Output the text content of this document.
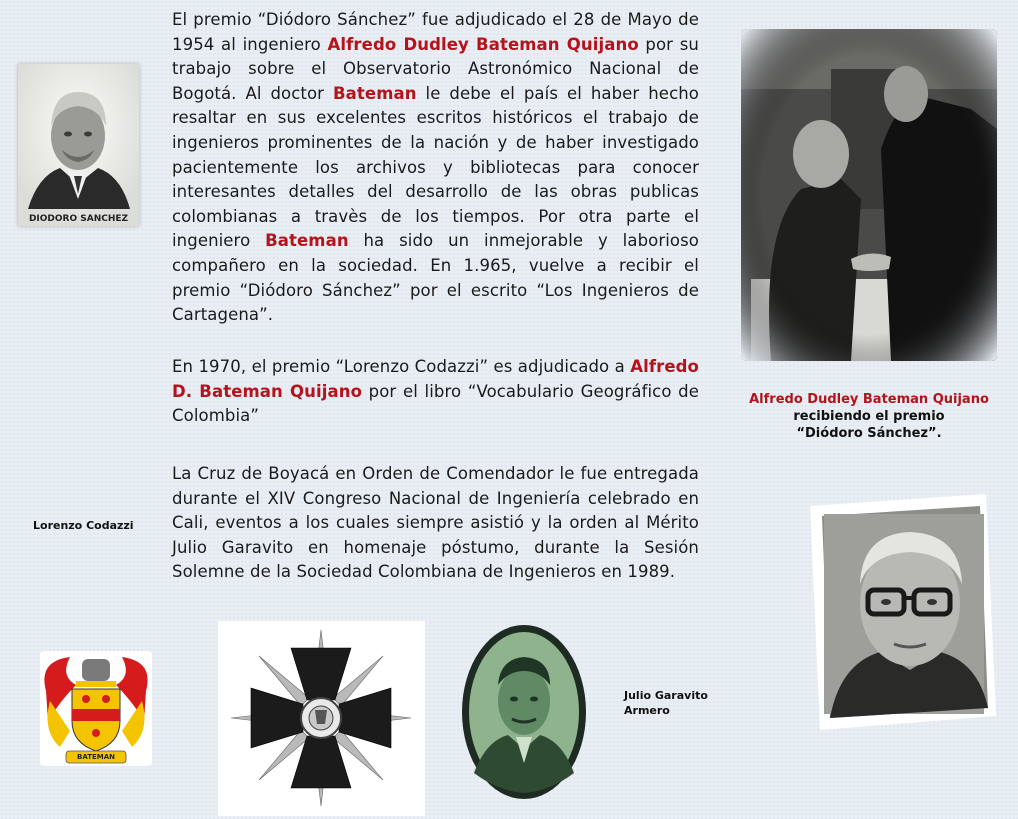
El premio “Diódoro Sánchez” fue adjudicado el 28 de Mayo de 1954 al ingeniero Alfredo Dudley Bateman Quijano por su trabajo sobre el Observatorio Astronómico Nacional de Bogotá. Al doctor Bateman le debe el país el haber hecho resaltar en sus excelentes escritos históricos el trabajo de ingenieros prominentes de la nación y de haber investigado pacientemente los archivos y bibliotecas para conocer interesantes detalles del desarrollo de las obras publicas colombianas a travès de los tiempos. Por otra parte el ingeniero Bateman ha sido un inmejorable y laborioso compañero en la sociedad. En 1.965, vuelve a recibir el premio “Diódoro Sánchez” por el escrito “Los Ingenieros de Cartagena”.
En 1970, el premio “Lorenzo Codazzi” es adjudicado a Alfredo D. Bateman Quijano por el libro “Vocabulario Geográfico de Colombia”
La Cruz de Boyacá en Orden de Comendador le fue entregada durante el XIV Congreso Nacional de Ingeniería celebrado en Cali, eventos a los cuales siempre asistió y la orden al Mérito Julio Garavito en homenaje póstumo, durante la Sesión Solemne de la Sociedad Colombiana de Ingenieros en 1989.
DIODORO SANCHEZ
Alfredo Dudley Bateman Quijano
recibiendo el premio
“Diódoro Sánchez”.
Lorenzo Codazzi
BATEMAN
Julio Garavito
Armero
